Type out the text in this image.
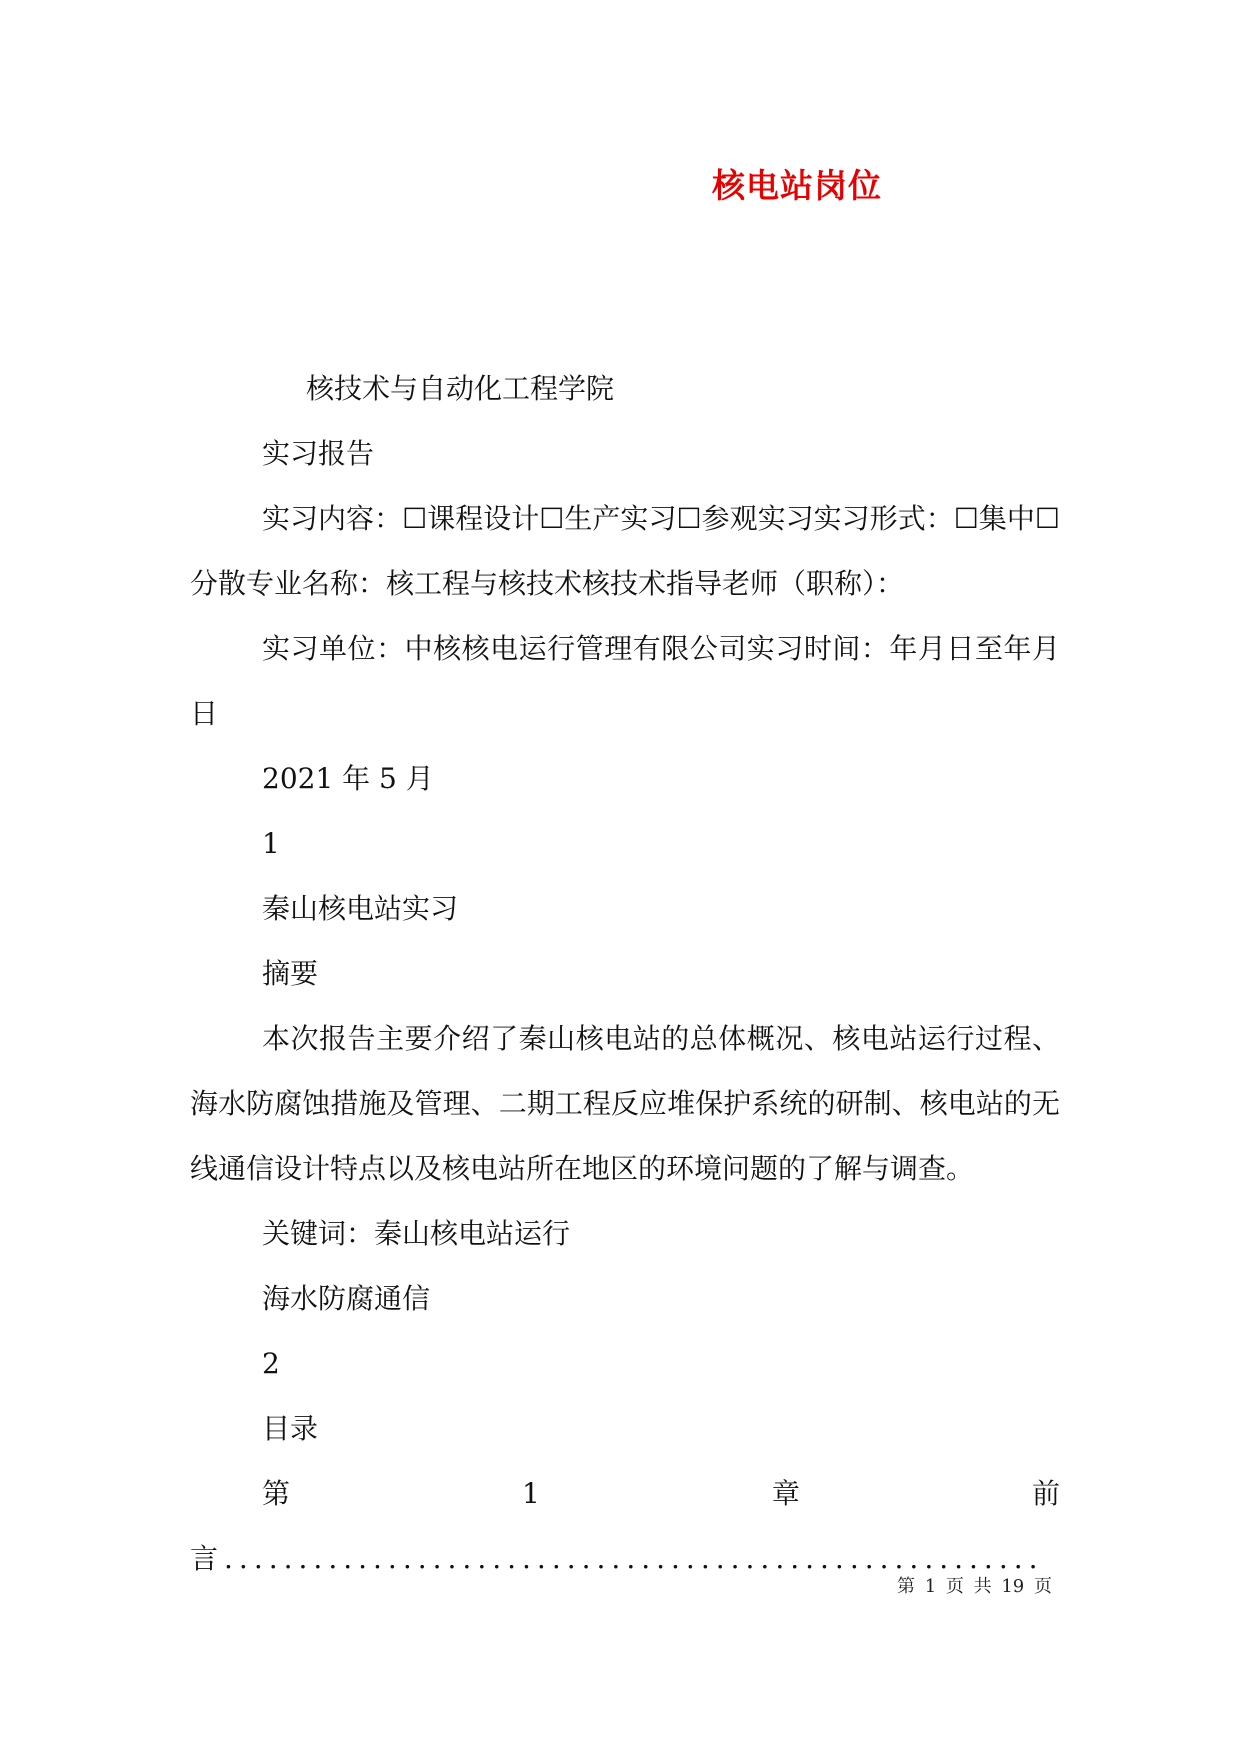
核电站岗位

核技术与自动化工程学院

实习报告

实习内容：☐课程设计☐生产实习☐参观实习实习形式：☐集中☐分散专业名称：核工程与核技术核技术指导老师（职称）：

实习单位：中核核电运行管理有限公司实习时间：年月日至年月日

2021 年 5 月

1

秦山核电站实习

摘要

本次报告主要介绍了秦山核电站的总体概况、核电站运行过程、海水防腐蚀措施及管理、二期工程反应堆保护系统的研制、核电站的无线通信设计特点以及核电站所在地区的环境问题的了解与调查。

关键词：秦山核电站运行

海水防腐通信

2

目录

第	1	章	前
言.......................................................
第 1 页 共 19 页
